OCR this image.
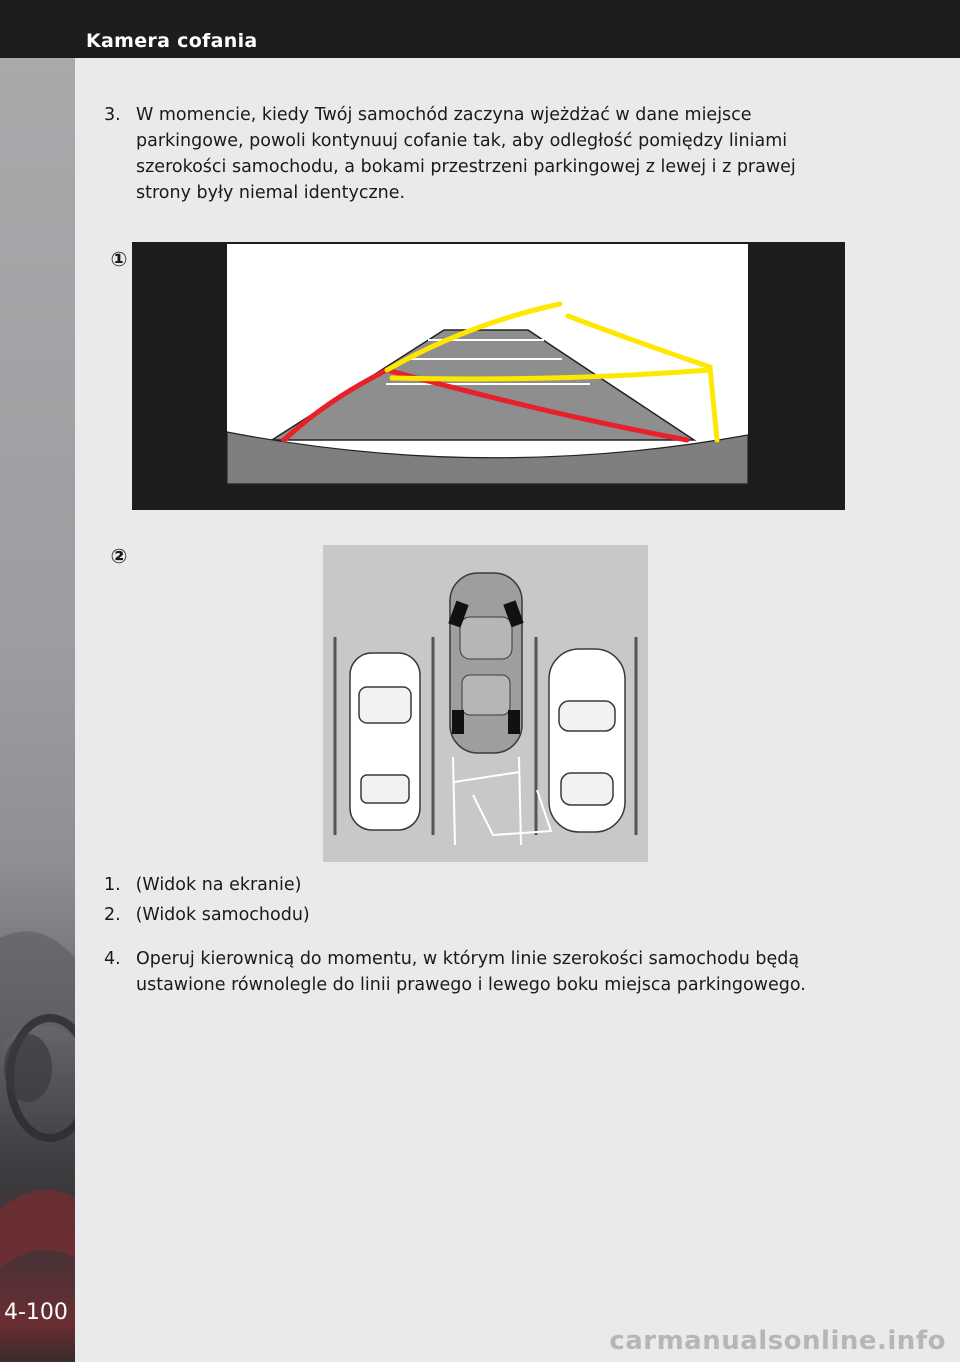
Kamera cofania
3. W momencie, kiedy Twój samochód zaczyna wjeżdżać w dane miejsce parkingowe, powoli kontynuuj cofanie tak, aby odległość pomiędzy liniami szerokości samochodu, a bokami przestrzeni parkingowej z lewej i z prawej strony były niemal identyczne.
①
②
1. (Widok na ekranie)
2. (Widok samochodu)
4. Operuj kierownicą do momentu, w którym linie szerokości samochodu będą ustawione równolegle do linii prawego i lewego boku miejsca parkingowego.
4-100
carmanualsonline.info
